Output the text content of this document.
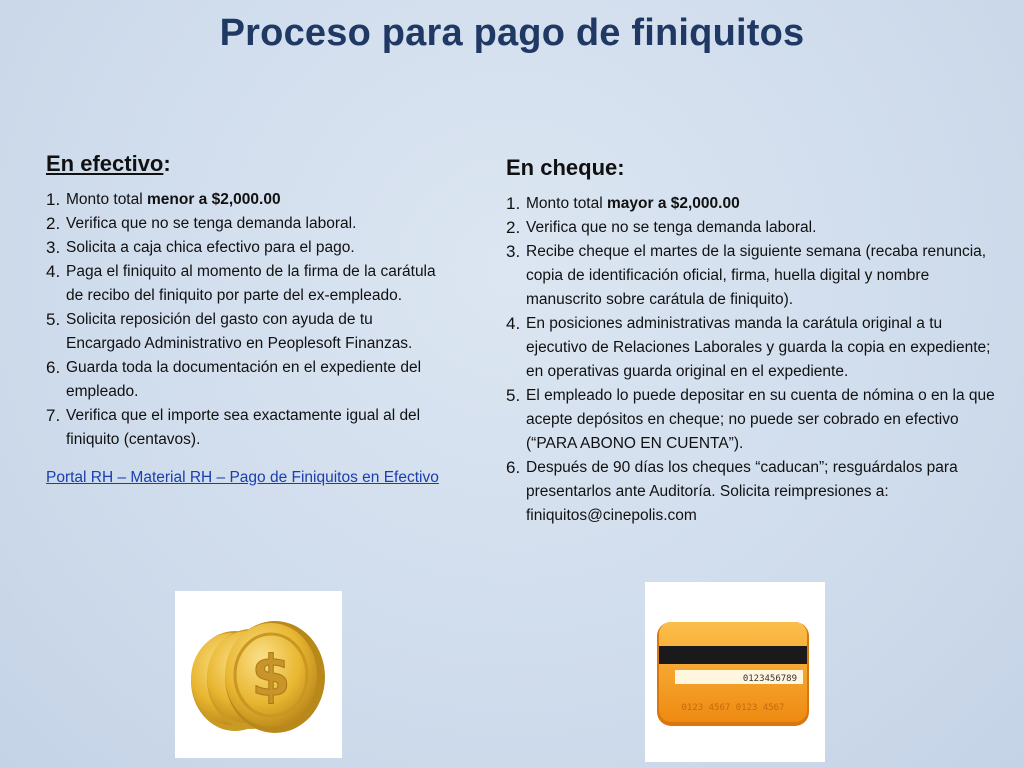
Proceso para pago de finiquitos
En efectivo:
1. Monto total menor a $2,000.00
2. Verifica que no se tenga demanda laboral.
3. Solicita a caja chica efectivo para el pago.
4. Paga el finiquito al momento de la firma de la carátula de recibo del finiquito por parte del ex-empleado.
5. Solicita reposición del gasto con ayuda de tu Encargado Administrativo en Peoplesoft Finanzas.
6. Guarda toda la documentación en el expediente del empleado.
7. Verifica que el importe sea exactamente igual al del finiquito (centavos).
Portal RH – Material RH – Pago de Finiquitos en Efectivo
En cheque:
1. Monto total mayor a $2,000.00
2. Verifica que no se tenga demanda laboral.
3. Recibe cheque el martes de la siguiente semana (recaba renuncia, copia de identificación oficial, firma, huella digital y nombre manuscrito sobre carátula de finiquito).
4. En posiciones administrativas manda la carátula original a tu ejecutivo de Relaciones Laborales y guarda la copia en expediente; en operativas guarda original en el expediente.
5. El empleado lo puede depositar en su cuenta de nómina o en la que acepte depósitos en cheque; no puede ser cobrado en efectivo (“PARA ABONO EN CUENTA”).
6. Después de 90 días los cheques “caducan”; resguárdalos para presentarlos ante Auditoría. Solicita reimpresiones a: finiquitos@cinepolis.com
$	0123456789
0123 4567 0123 4567
